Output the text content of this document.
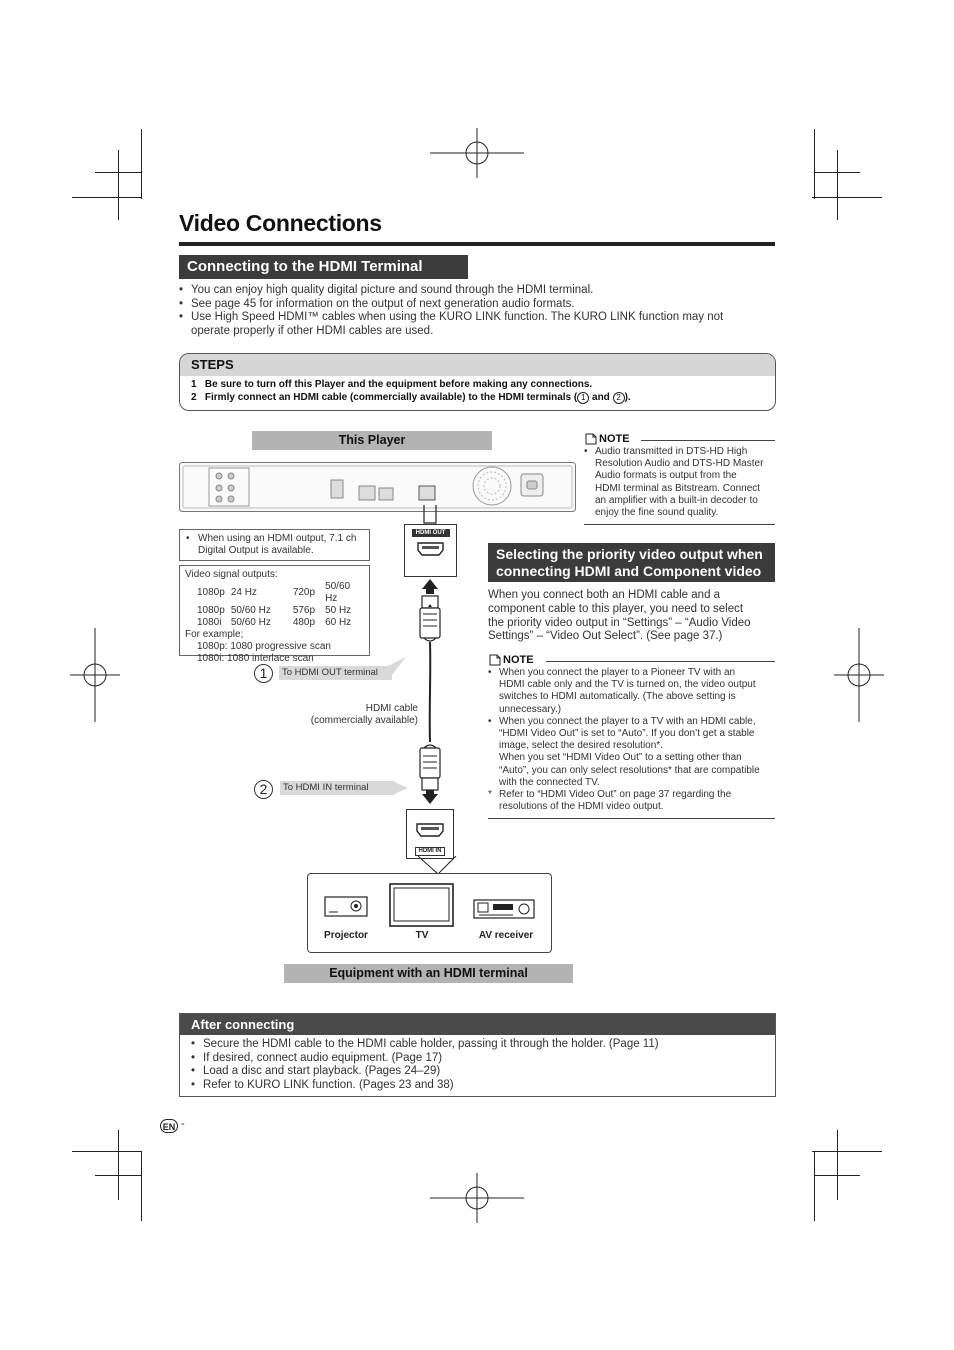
Video Connections
Connecting to the HDMI Terminal
• You can enjoy high quality digital picture and sound through the HDMI terminal.
• See page 45 for information on the output of next generation audio formats.
• Use High Speed HDMI™ cables when using the KURO LINK function. The KURO LINK function may not
operate properly if other HDMI cables are used.
STEPS
1 Be sure to turn off this Player and the equipment before making any connections.
2 Firmly connect an HDMI cable (commercially available) to the HDMI terminals ( 1 and 2 ).
This Player
HDMI OUT
• When using an HDMI output, 7.1 ch Digital Output is available.
Video signal outputs:
1080p	24 Hz	720p	50/60 Hz
1080p	50/60 Hz	576p	50 Hz
1080i	50/60 Hz	480p	60 Hz
For example;
1080p: 1080 progressive scan
1080i: 1080 interlace scan
1	To HDMI OUT terminal
2	To HDMI IN terminal
HDMI cable
(commercially available)
HDMI IN
Projector	TV	AV receiver
Equipment with an HDMI terminal
NOTE
• Audio transmitted in DTS-HD High
Resolution Audio and DTS-HD Master
Audio formats is output from the
HDMI terminal as Bitstream. Connect
an amplifier with a built-in decoder to
enjoy the fine sound quality.
Selecting the priority video output when
connecting HDMI and Component video
When you connect both an HDMI cable and a
component cable to this player, you need to select
the priority video output in “Settings” – “Audio Video
Settings” – “Video Out Select”. (See page 37.)
NOTE
• When you connect the player to a Pioneer TV with an
HDMI cable only and the TV is turned on, the video output
switches to HDMI automatically. (The above setting is
unnecessary.)
• When you connect the player to a TV with an HDMI cable,
“HDMI Video Out” is set to “Auto”. If you don’t get a stable
image, select the desired resolution*.
When you set “HDMI Video Out” to a setting other than
“Auto”, you can only select resolutions* that are compatible
with the connected TV.
* Refer to “HDMI Video Out” on page 37 regarding the
resolutions of the HDMI video output.
After connecting
• Secure the HDMI cable to the HDMI cable holder, passing it through the holder. (Page 11)
• If desired, connect audio equipment. (Page 17)
• Load a disc and start playback. (Pages 24–29)
• Refer to KURO LINK function. (Pages 23 and 38)
EN -
